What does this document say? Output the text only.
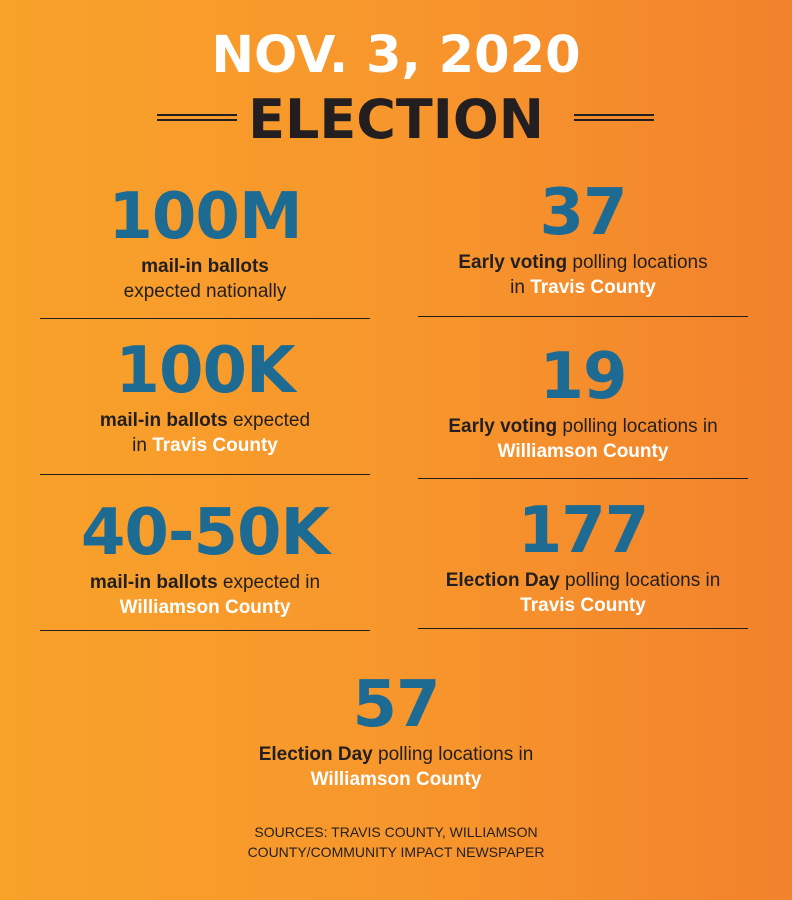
NOV. 3, 2020
ELECTION
100M
mail-in ballots
expected nationally
100K
mail-in ballots expected
in Travis County
40-50K
mail-in ballots expected in
Williamson County
37
Early voting polling locations
in Travis County
19
Early voting polling locations in
Williamson County
177
Election Day polling locations in
Travis County
57
Election Day polling locations in
Williamson County
SOURCES: TRAVIS COUNTY, WILLIAMSON
COUNTY/COMMUNITY IMPACT NEWSPAPER
